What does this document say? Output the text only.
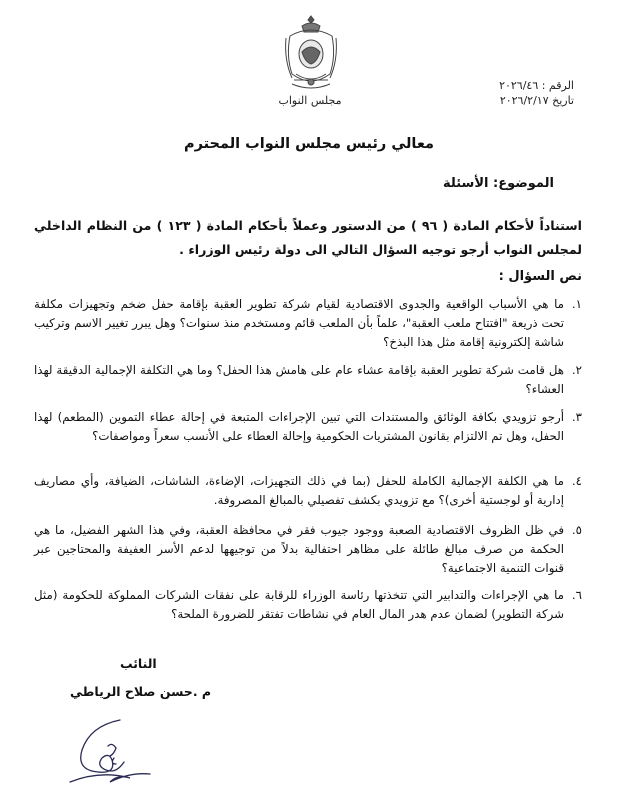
مجلس النواب
الرقم : ٢٠٢٦/٤٦
تاريخ ٢٠٢٦/٢/١٧
معالي رئيس مجلس النواب المحترم
الموضوع: الأسئلة
استناداً لأحكام المادة ( ٩٦ ) من الدستور وعملاً بأحكام المادة ( ١٢٣ ) من النظام الداخلي لمجلس النواب أرجو توجيه السؤال التالي الى دولة رئيس الوزراء .
نص السؤال :
١.
ما هي الأسباب الواقعية والجدوى الاقتصادية لقيام شركة تطوير العقبة بإقامة حفل ضخم وتجهيزات مكلفة تحت ذريعة "افتتاح ملعب العقبة"، علماً بأن الملعب قائم ومستخدم منذ سنوات؟ وهل يبرر تغيير الاسم وتركيب شاشة إلكترونية إقامة مثل هذا البذخ؟
٢.
هل قامت شركة تطوير العقبة بإقامة عشاء عام على هامش هذا الحفل؟ وما هي التكلفة الإجمالية الدقيقة لهذا العشاء؟
٣.
أرجو تزويدي بكافة الوثائق والمستندات التي تبين الإجراءات المتبعة في إحالة عطاء التموين (المطعم) لهذا الحفل، وهل تم الالتزام بقانون المشتريات الحكومية وإحالة العطاء على الأنسب سعراً ومواصفات؟
٤.
ما هي الكلفة الإجمالية الكاملة للحفل (بما في ذلك التجهيزات، الإضاءة، الشاشات، الضيافة، وأي مصاريف إدارية أو لوجستية أخرى)؟ مع تزويدي بكشف تفصيلي بالمبالغ المصروفة.
٥.
في ظل الظروف الاقتصادية الصعبة ووجود جيوب فقر في محافظة العقبة، وفي هذا الشهر الفضيل، ما هي الحكمة من صرف مبالغ طائلة على مظاهر احتفالية بدلاً من توجيهها لدعم الأسر العفيفة والمحتاجين عبر قنوات التنمية الاجتماعية؟
٦.
ما هي الإجراءات والتدابير التي تتخذتها رئاسة الوزراء للرقابة على نفقات الشركات المملوكة للحكومة (مثل شركة التطوير) لضمان عدم هدر المال العام في نشاطات تفتقر للضرورة الملحة؟
النائب
م .حسن صلاح الرياطي
